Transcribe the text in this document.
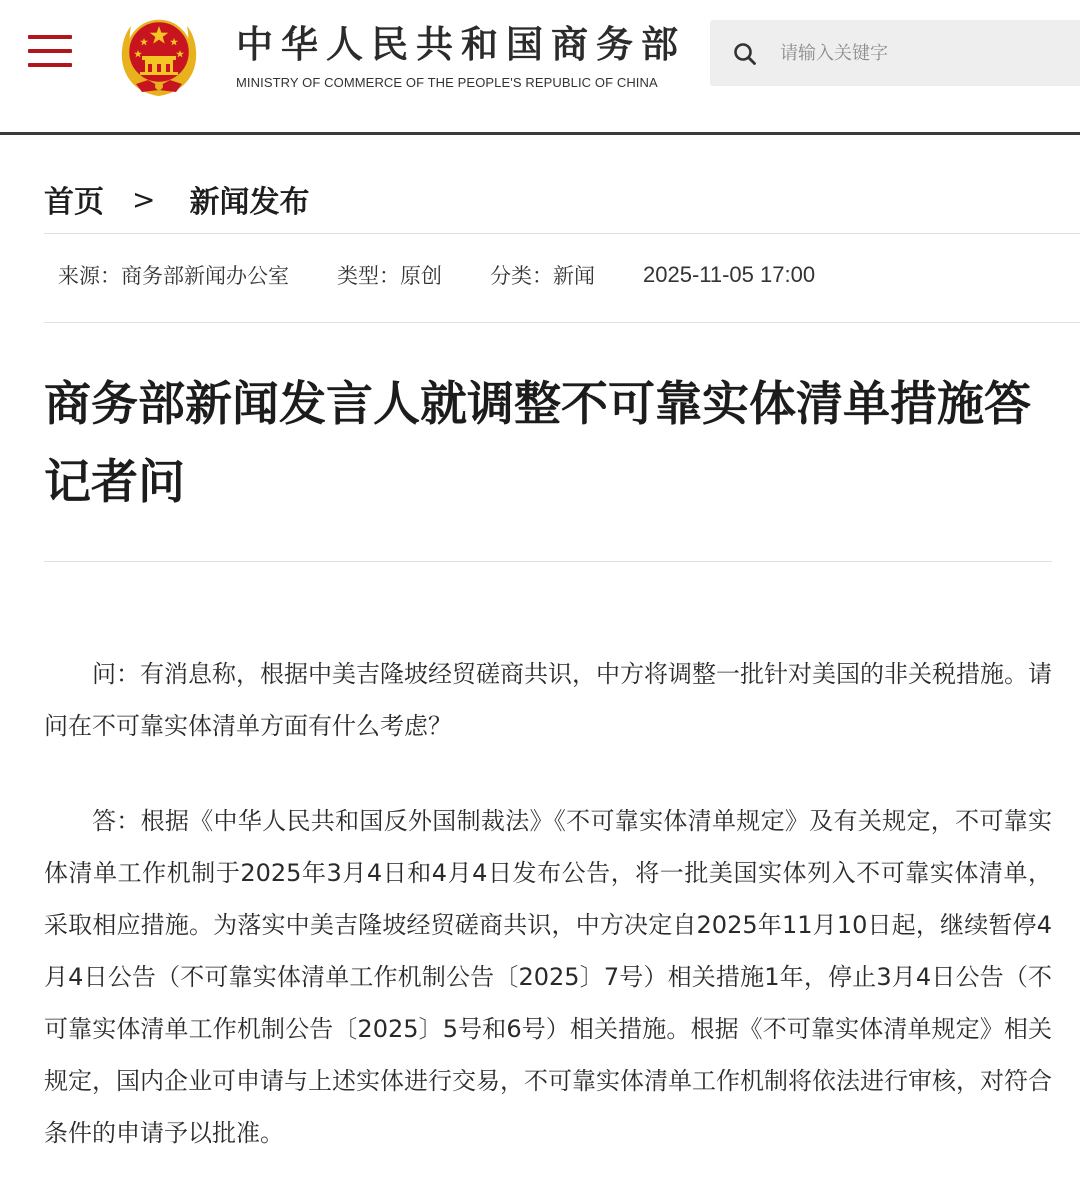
中华人民共和国商务部
MINISTRY OF COMMERCE OF THE PEOPLE'S REPUBLIC OF CHINA
请输入关键字
首页 > 新闻发布
来源：商务部新闻办公室 类型：原创 分类：新闻 2025-11-05 17:00
商务部新闻发言人就调整不可靠实体清单措施答记者问

问：有消息称，根据中美吉隆坡经贸磋商共识，中方将调整一批针对美国的非关税措施。请问在不可靠实体清单方面有什么考虑？

答：根据《中华人民共和国反外国制裁法》《不可靠实体清单规定》及有关规定，不可靠实体清单工作机制于2025年3月4日和4月4日发布公告，将一批美国实体列入不可靠实体清单，采取相应措施。为落实中美吉隆坡经贸磋商共识，中方决定自2025年11月10日起，继续暂停4月4日公告（不可靠实体清单工作机制公告〔2025〕7号）相关措施1年，停止3月4日公告（不可靠实体清单工作机制公告〔2025〕5号和6号）相关措施。根据《不可靠实体清单规定》相关规定，国内企业可申请与上述实体进行交易，不可靠实体清单工作机制将依法进行审核，对符合条件的申请予以批准。
